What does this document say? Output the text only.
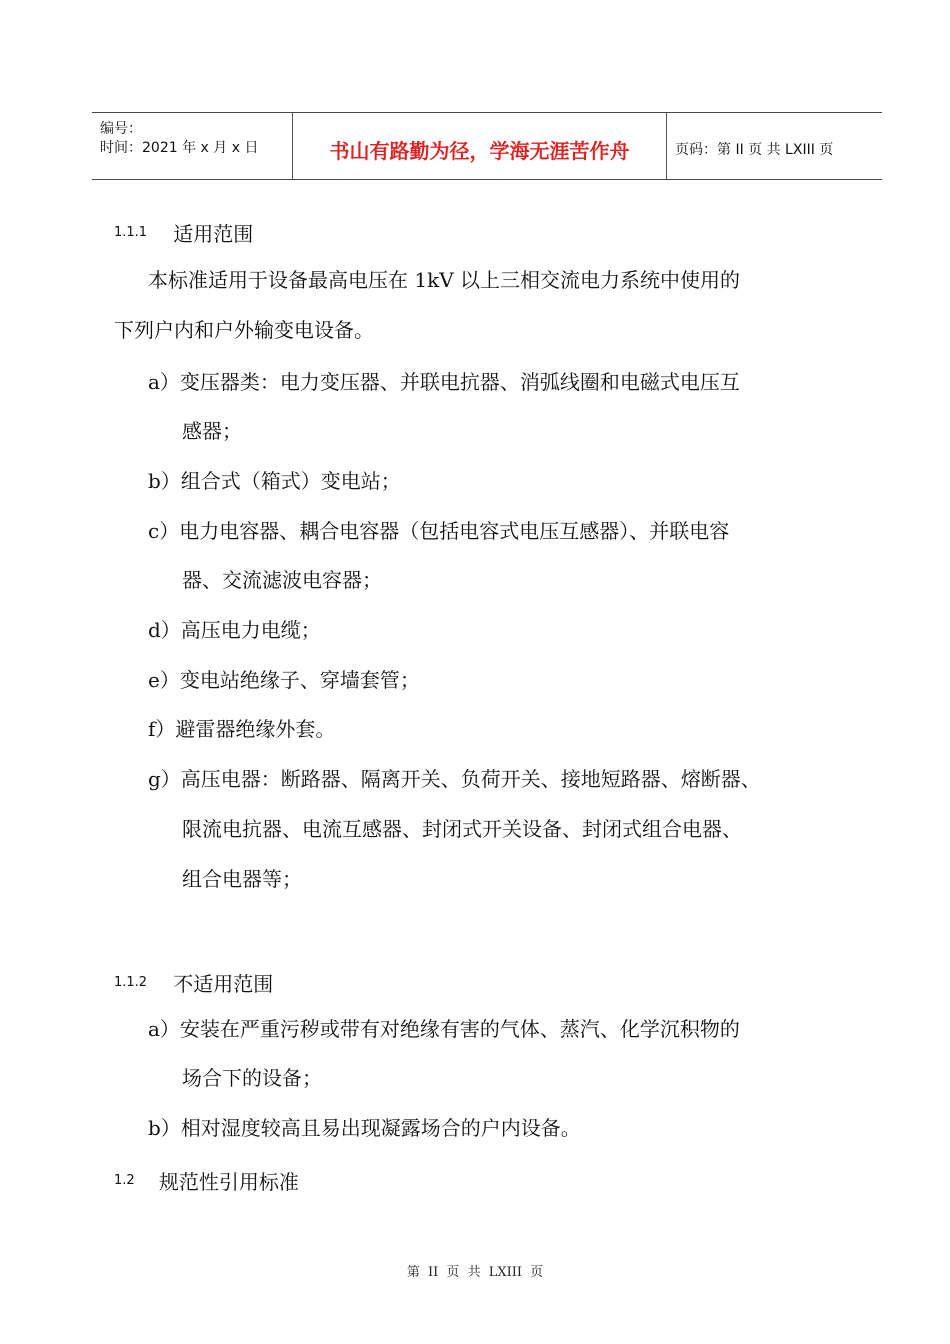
编号：
时间：2021 年 x 月 x 日	书山有路勤为径，学海无涯苦作舟	页码：第 II 页 共 LXIII 页
1.1.1 适用范围
本标准适用于设备最高电压在 1kV 以上三相交流电力系统中使用的
下列户内和户外输变电设备。
a）变压器类：电力变压器、并联电抗器、消弧线圈和电磁式电压互
感器；
b）组合式（箱式）变电站；
c）电力电容器、耦合电容器（包括电容式电压互感器）、并联电容
器、交流滤波电容器；
d）高压电力电缆；
e）变电站绝缘子、穿墙套管；
f）避雷器绝缘外套。
g）高压电器：断路器、隔离开关、负荷开关、接地短路器、熔断器、
限流电抗器、电流互感器、封闭式开关设备、封闭式组合电器、
组合电器等；
1.1.2 不适用范围
a）安装在严重污秽或带有对绝缘有害的气体、蒸汽、化学沉积物的
场合下的设备；
b）相对湿度较高且易出现凝露场合的户内设备。
1.2 规范性引用标准
第 II 页 共 LXIII 页
